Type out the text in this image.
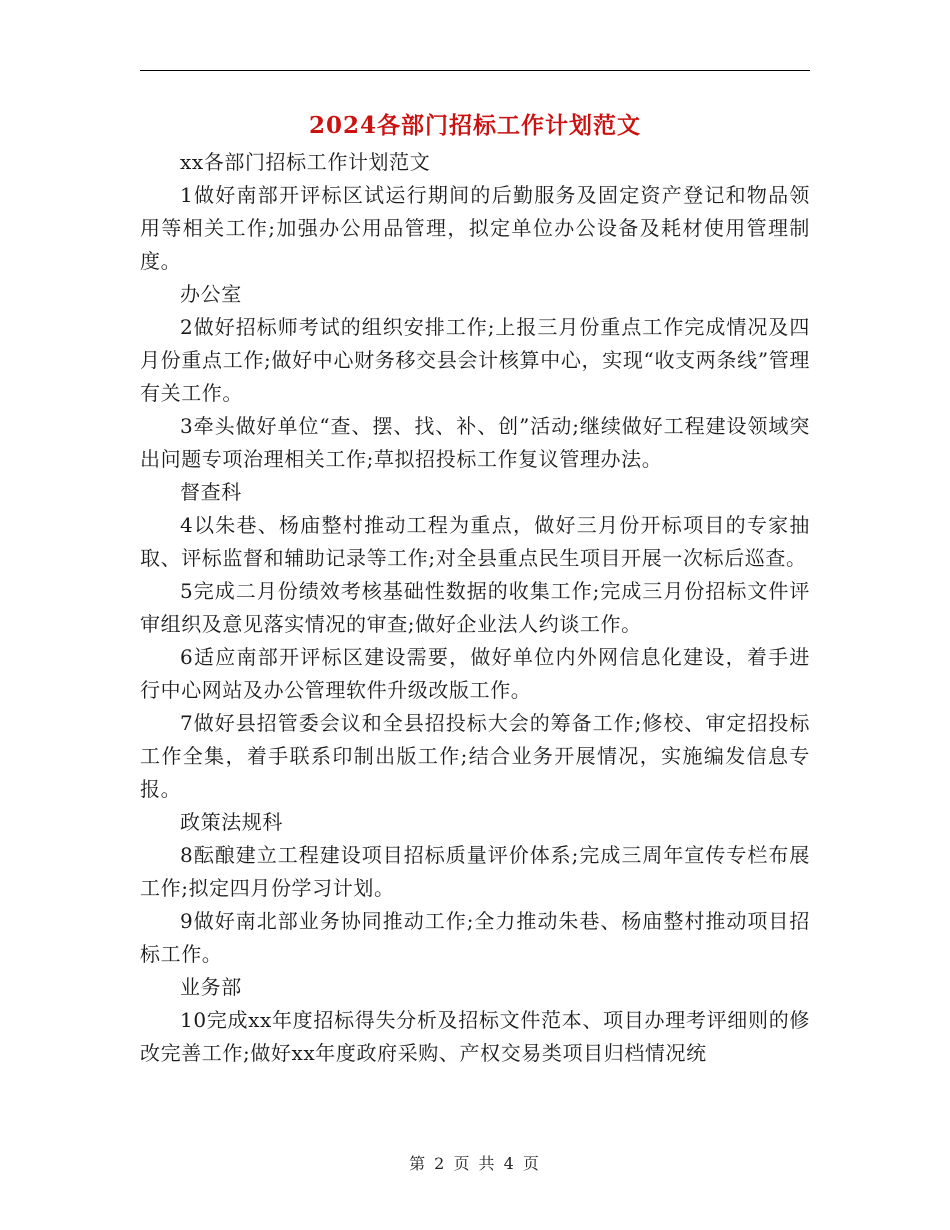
2024各部门招标工作计划范文

xx各部门招标工作计划范文

1做好南部开评标区试运行期间的后勤服务及固定资产登记和物品领用等相关工作;加强办公用品管理，拟定单位办公设备及耗材使用管理制度。

办公室

2做好招标师考试的组织安排工作;上报三月份重点工作完成情况及四月份重点工作;做好中心财务移交县会计核算中心，实现“收支两条线”管理有关工作。

3牵头做好单位“查、摆、找、补、创”活动;继续做好工程建设领域突出问题专项治理相关工作;草拟招投标工作复议管理办法。

督查科

4以朱巷、杨庙整村推动工程为重点，做好三月份开标项目的专家抽取、评标监督和辅助记录等工作;对全县重点民生项目开展一次标后巡查。

5完成二月份绩效考核基础性数据的收集工作;完成三月份招标文件评审组织及意见落实情况的审查;做好企业法人约谈工作。

6适应南部开评标区建设需要，做好单位内外网信息化建设，着手进行中心网站及办公管理软件升级改版工作。

7做好县招管委会议和全县招投标大会的筹备工作;修校、审定招投标工作全集，着手联系印制出版工作;结合业务开展情况，实施编发信息专报。

政策法规科

8酝酿建立工程建设项目招标质量评价体系;完成三周年宣传专栏布展工作;拟定四月份学习计划。

9做好南北部业务协同推动工作;全力推动朱巷、杨庙整村推动项目招标工作。

业务部

10完成xx年度招标得失分析及招标文件范本、项目办理考评细则的修改完善工作;做好xx年度政府采购、产权交易类项目归档情况统

第 2 页 共 4 页
